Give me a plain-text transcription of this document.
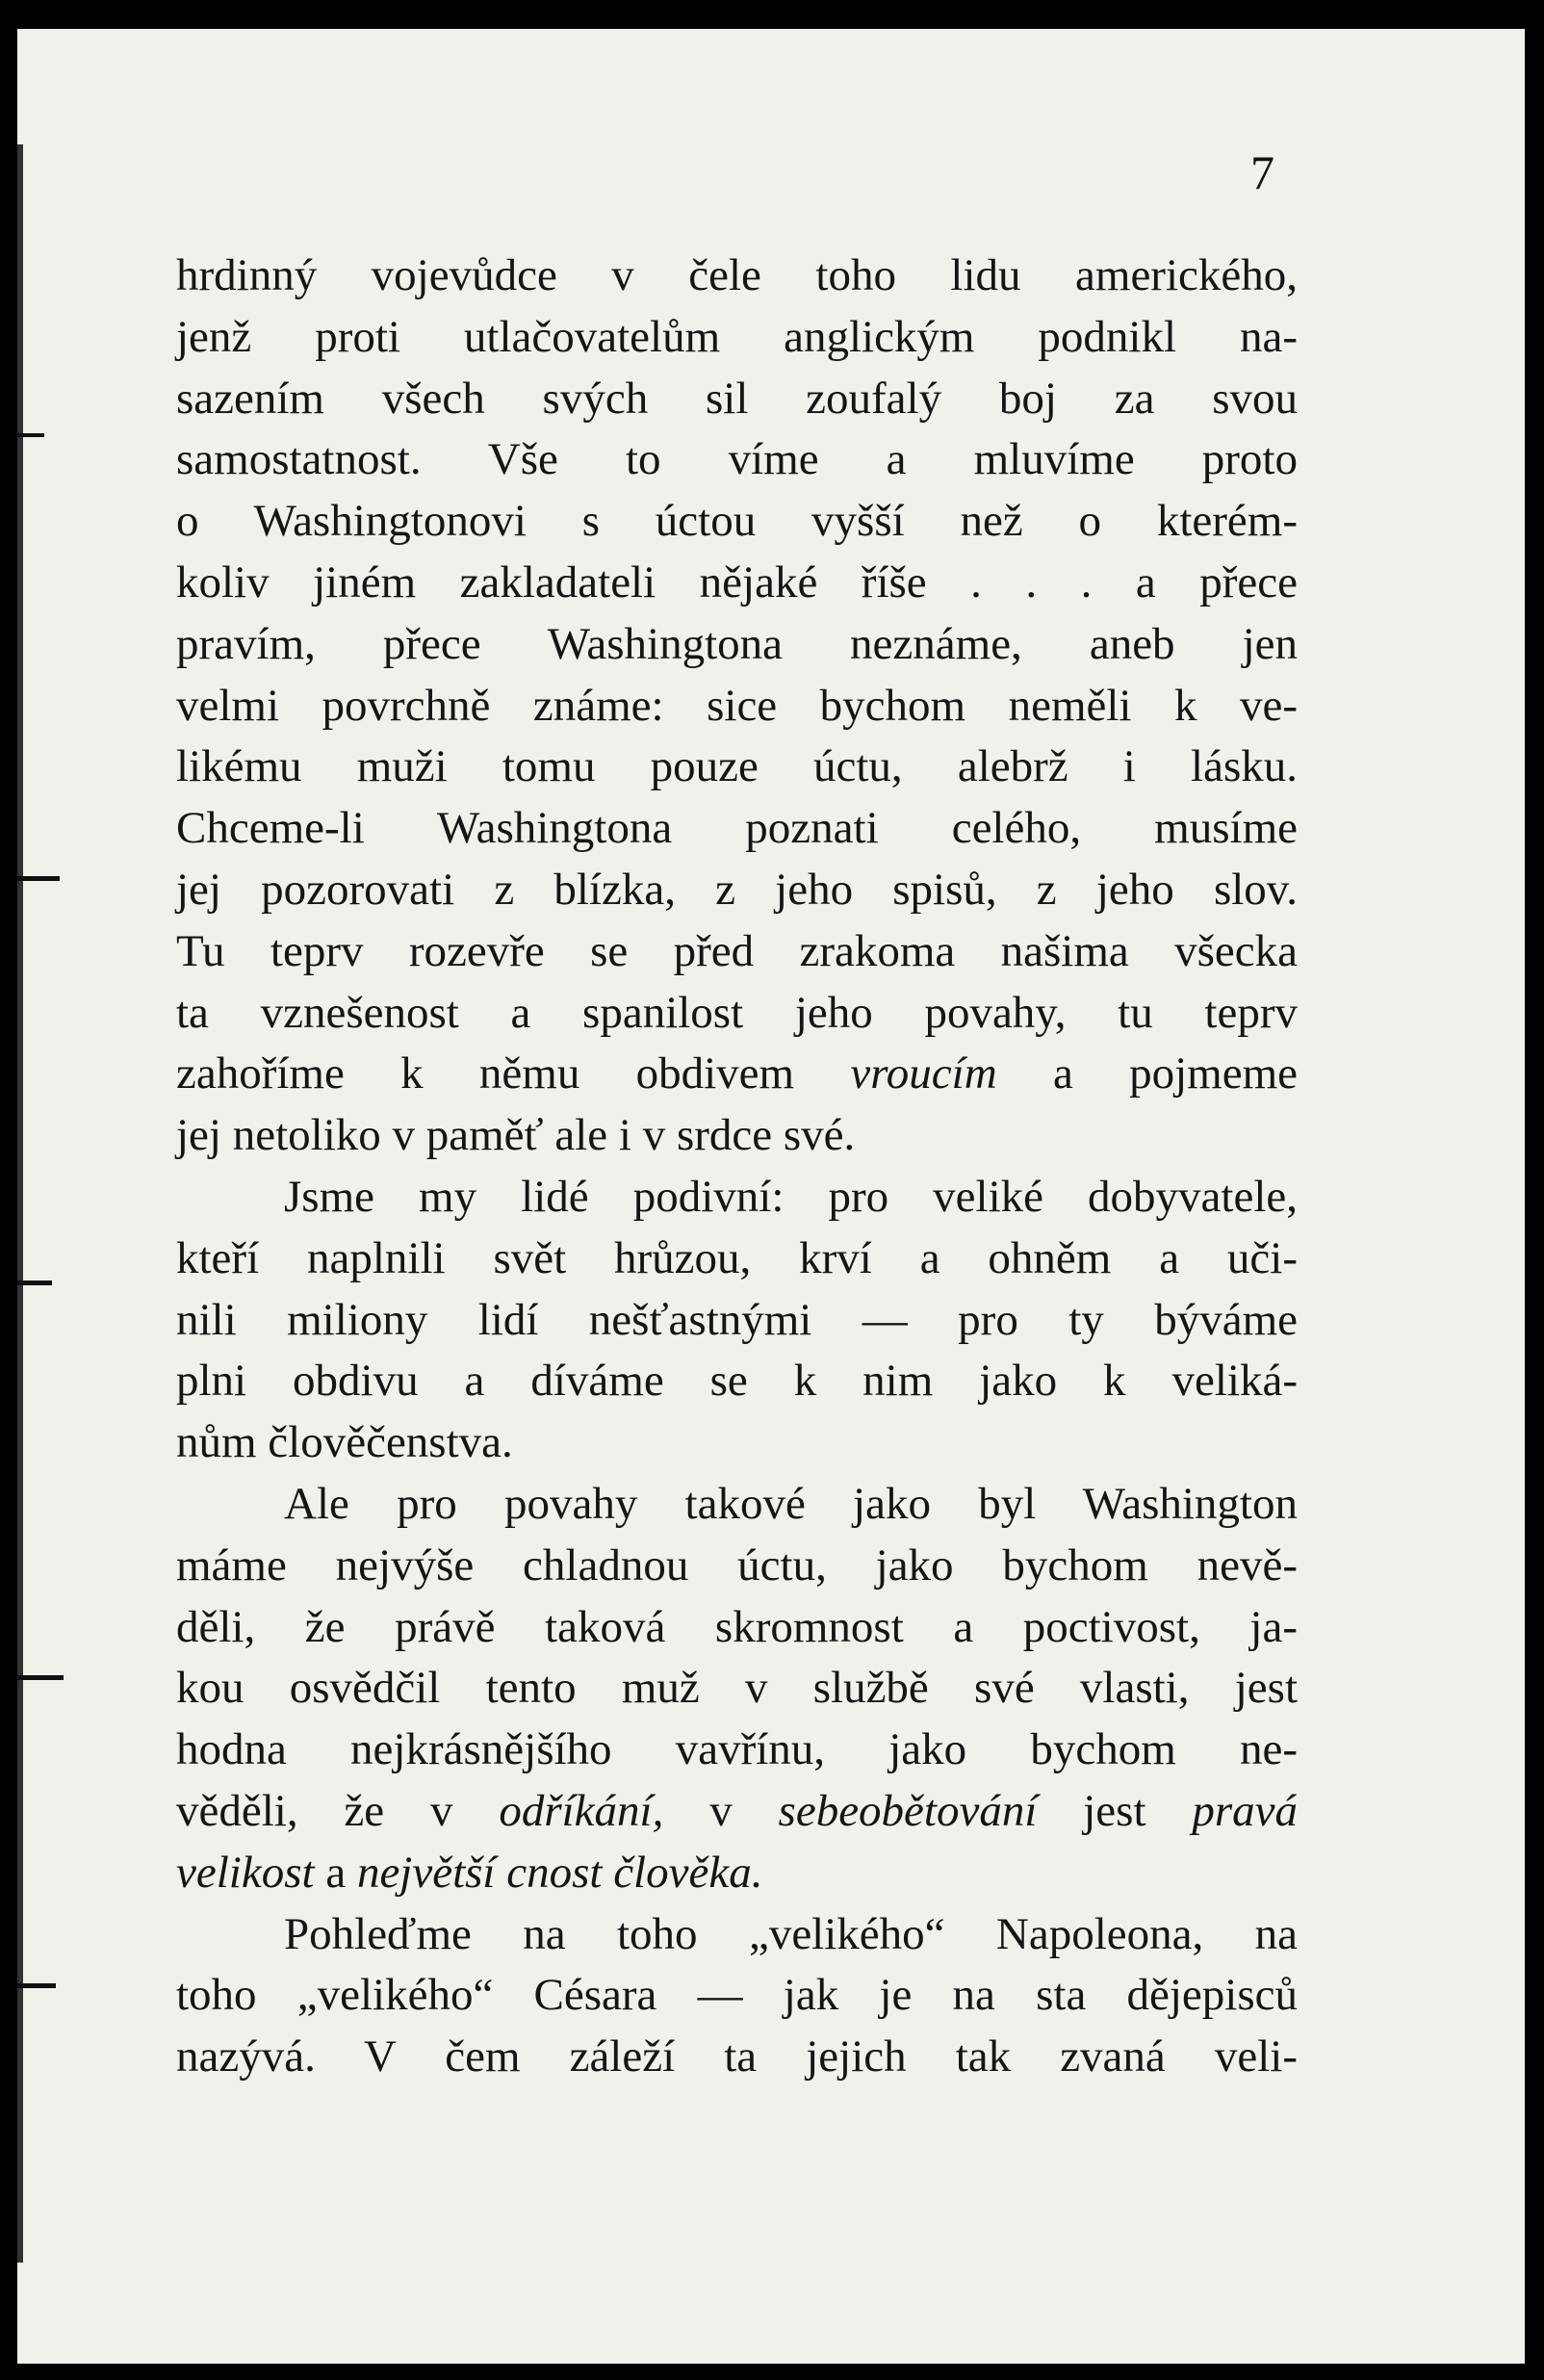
7
hrdinný vojevůdce v čele toho lidu amerického,
jenž proti utlačovatelům anglickým podnikl na-
sazením všech svých sil zoufalý boj za svou
samostatnost. Vše to víme a mluvíme proto
o Washingtonovi s úctou vyšší než o kterém-
koliv jiném zakladateli nějaké říše . . . a přece
pravím, přece Washingtona neznáme, aneb jen
velmi povrchně známe: sice bychom neměli k ve-
likému muži tomu pouze úctu, alebrž i lásku.
Chceme-li Washingtona poznati celého, musíme
jej pozorovati z blízka, z jeho spisů, z jeho slov.
Tu teprv rozevře se před zrakoma našima všecka
ta vznešenost a spanilost jeho povahy, tu teprv
zahoříme k němu obdivem vroucím a pojmeme
jej netoliko v paměť ale i v srdce své.
Jsme my lidé podivní: pro veliké dobyvatele,
kteří naplnili svět hrůzou, krví a ohněm a uči-
nili miliony lidí nešťastnými — pro ty býváme
plni obdivu a díváme se k nim jako k veliká-
nům člověčenstva.
Ale pro povahy takové jako byl Washington
máme nejvýše chladnou úctu, jako bychom nevě-
děli, že právě taková skromnost a poctivost, ja-
kou osvědčil tento muž v službě své vlasti, jest
hodna nejkrásnějšího vavřínu, jako bychom ne-
věděli, že v odříkání, v sebeobětování jest pravá
velikost a největší cnost člověka.
Pohleďme na toho „velikého“ Napoleona, na
toho „velikého“ Césara — jak je na sta dějepisců
nazývá. V čem záleží ta jejich tak zvaná veli-
